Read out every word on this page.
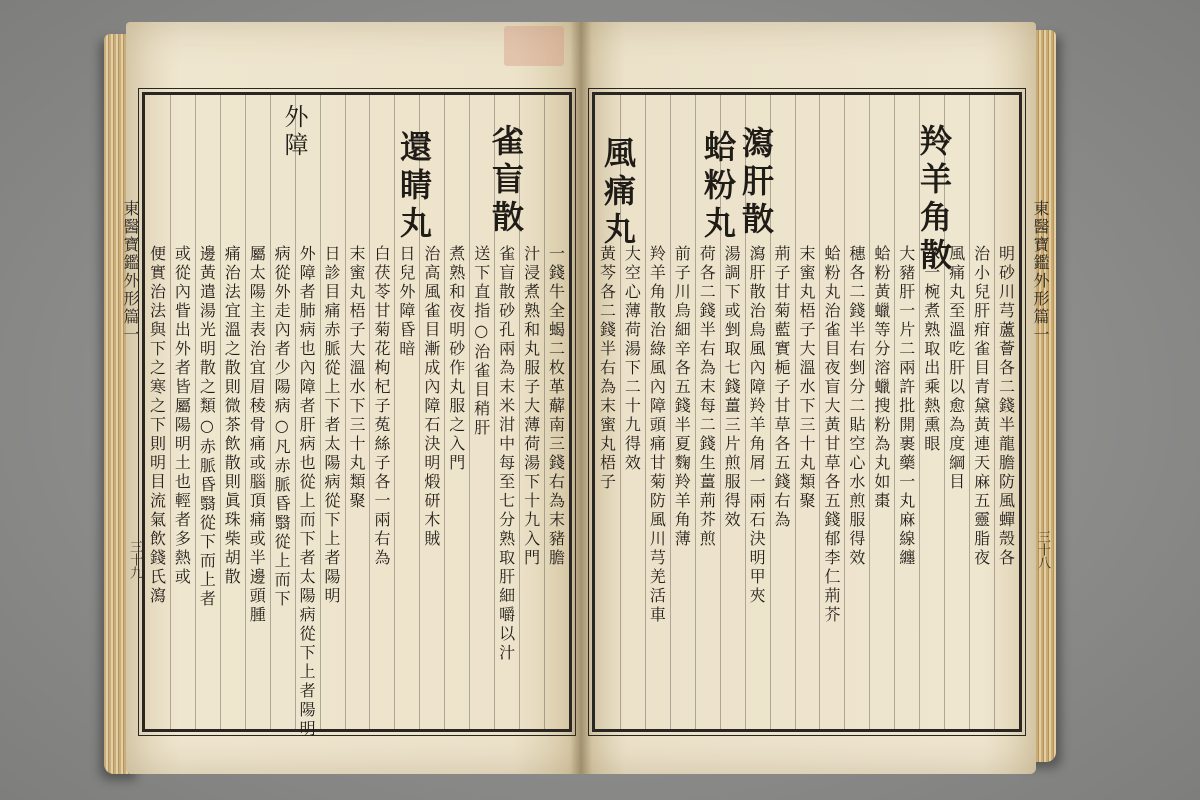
東醫寶鑑外形篇一
三十九 便實治法與下之寒之下則明目流氣飲錢氏瀉 或從內眥出外者皆屬陽明土也輕者多熱或 邊黃遣湯光明散之類○赤脈昏翳從下而上者 痛治法宜溫之散則微茶飲散則眞珠柴胡散 屬太陽主表治宜眉稜骨痛或腦頂痛或半邊頭腫 病從外走內者少陽病○凡赤脈昏翳從上而下 外障者肺病也內障者肝病也從上而下者太陽病從下上者陽明 日診目痛赤脈從上下者太陽病從下上者陽明 末蜜丸梧子大溫水下三十丸類聚 白茯苓甘菊花枸杞子菟絲子各一兩右為 日兒外障昏暗 治高風雀目漸成內障石決明煅研木賊 煮熟和夜明砂作丸服之入門 送下直指○治雀目稍肝 雀盲散砂孔兩為末米泔中每至七分熟取肝細嚼以汁 汁浸煮熟和丸服子大薄荷湯下十九入門 一錢牛全蝎二枚革薢南三錢右為末豬膽
外障	雀盲散
還睛丸
東醫寶鑑外形篇一
三十八
黃芩各二錢半右為末蜜丸梧子 大空心薄荷湯下二十九得效 羚羊角散治綠風內障頭痛甘菊防風川芎羌活車 前子川烏細辛各五錢半夏麴羚羊角薄 荷各二錢半右為末每二錢生薑荊芥煎 湯調下或剉取七錢薑三片煎服得效 瀉肝散治鳥風內障羚羊角屑一兩石決明甲夾 荊子甘菊藍實梔子甘草各五錢右為 末蜜丸梧子大溫水下三十丸類聚 蛤粉丸治雀目夜盲大黃甘草各五錢郁李仁荊芥 穗各二錢半右剉分二貼空心水煎服得效 蛤粉黃蠟等分溶蠟搜粉為丸如棗 大豬肝一片二兩許批開裹藥一丸麻線纏 水一椀煮熟取出乘熱熏眼 風痛丸至溫吃肝以愈為度綱目 治小兒肝疳雀目青黛黃連天麻五靈脂夜 明砂川芎蘆薈各二錢半龍膽防風蟬殼各
羚羊角散
瀉肝散
蛤粉丸
風痛丸
